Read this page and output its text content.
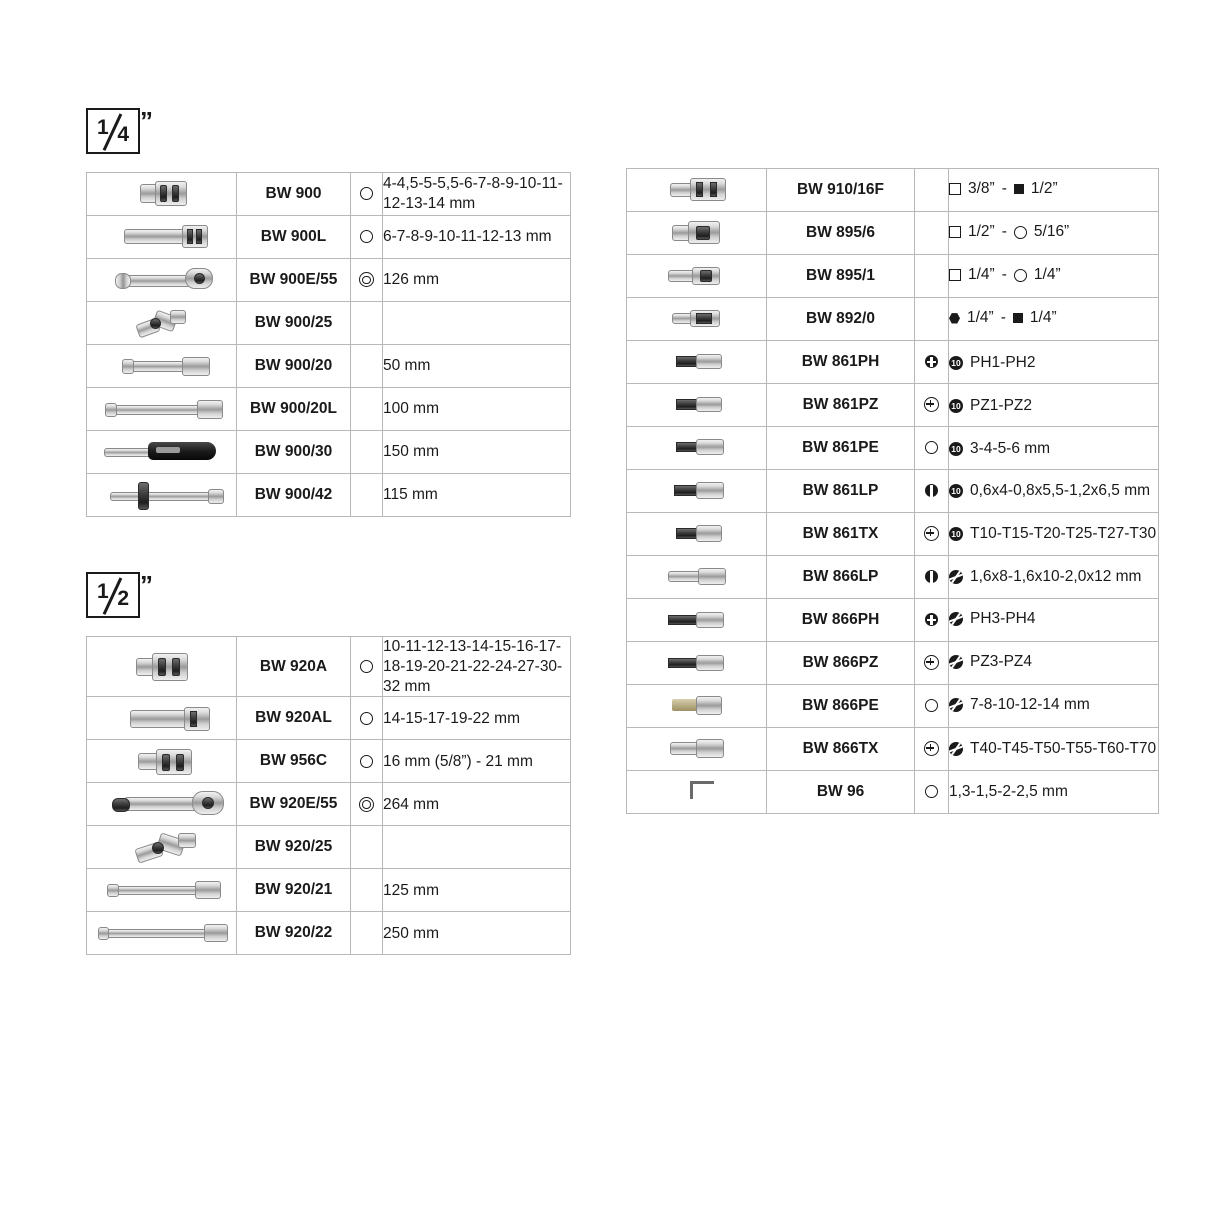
1 4 ”
	BW 900		4-4,5-5-5,5-6-7-8-9-10-11-12-13-14 mm

	BW 900L		6-7-8-9-10-11-12-13 mm

	BW 900E/55		126 mm

	BW 900/25		

	BW 900/20		50 mm

	BW 900/20L		100 mm

	BW 900/30		150 mm

	BW 900/42		115 mm
1 2 ”
	BW 920A		10-11-12-13-14-15-16-17-18-19-20-21-22-24-27-30-32 mm

	BW 920AL		14-15-17-19-22 mm

	BW 956C		16 mm (5/8”) - 21 mm

	BW 920E/55		264 mm

	BW 920/25		

	BW 920/21		125 mm

	BW 920/22		250 mm
	BW 910/16F		3/8” - 1/2”

	BW 895/6		1/2” - 5/16”

	BW 895/1		1/4” - 1/4”

	BW 892/0		1/4” - 1/4”

	BW 861PH		10 PH1-PH2

	BW 861PZ		10 PZ1-PZ2

	BW 861PE		10 3-4-5-6 mm

	BW 861LP		10 0,6x4-0,8x5,5-1,2x6,5 mm

	BW 861TX		10 T10-T15-T20-T25-T27-T30

	BW 866LP		1,6x8-1,6x10-2,0x12 mm

	BW 866PH		PH3-PH4

	BW 866PZ		PZ3-PZ4

	BW 866PE		7-8-10-12-14 mm

	BW 866TX		T40-T45-T50-T55-T60-T70

	BW 96		1,3-1,5-2-2,5 mm
